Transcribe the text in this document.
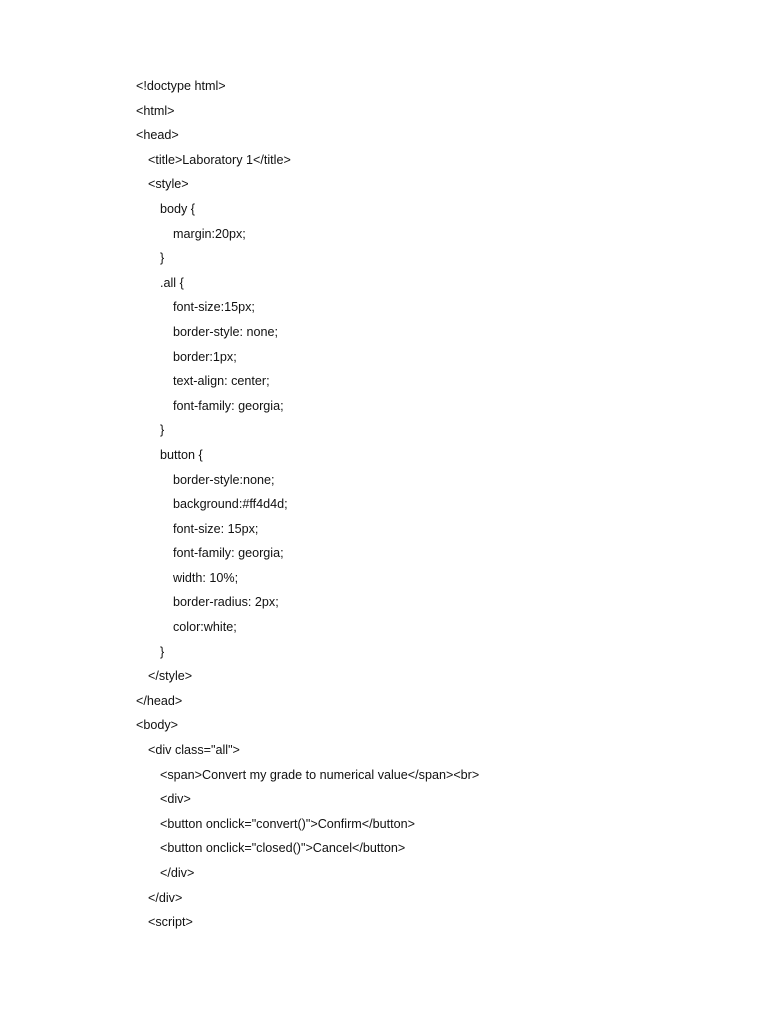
<!doctype html>
<html>
<head>
<title>Laboratory 1</title>
<style>
body {
margin:20px;
}
.all {
font-size:15px;
border-style: none;
border:1px;
text-align: center;
font-family: georgia;
}
button {
border-style:none;
background:#ff4d4d;
font-size: 15px;
font-family: georgia;
width: 10%;
border-radius: 2px;
color:white;
}
</style>
</head>
<body>
<div class="all">
<span>Convert my grade to numerical value</span><br>
<div>
<button onclick="convert()">Confirm</button>
<button onclick="closed()">Cancel</button>
</div>
</div>
<script>
